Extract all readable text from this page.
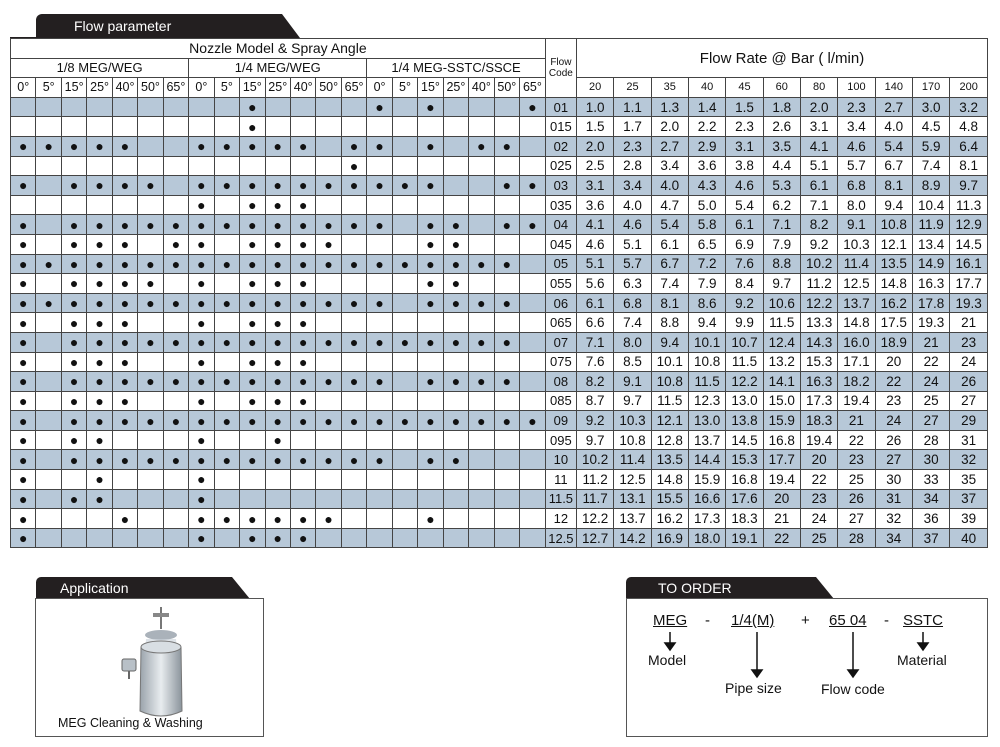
Flow parameter
Nozzle Model & Spray Angle																					Flow Code	Flow Rate @ Bar ( l/min)										
1/8 MEG/WEG							1/4 MEG/WEG							1/4 MEG-SSTC/SSCE																		
0°	5°	15°	25°	40°	50°	65°	0°	5°	15°	25°	40°	50°	65°	0°	5°	15°	25°	40°	50°	65°		20	25	35	40	45	60	80	100	140	170	200
									●					●		●				●	01	1.0	1.1	1.3	1.4	1.5	1.8	2.0	2.3	2.7	3.0	3.2
									●												015	1.5	1.7	2.0	2.2	2.3	2.6	3.1	3.4	4.0	4.5	4.8
●	●	●	●	●			●	●	●	●	●		●	●		●		●	●		02	2.0	2.3	2.7	2.9	3.1	3.5	4.1	4.6	5.4	5.9	6.4
													●								025	2.5	2.8	3.4	3.6	3.8	4.4	5.1	5.7	6.7	7.4	8.1
●		●	●	●	●		●	●	●	●	●	●	●	●	●	●			●	●	03	3.1	3.4	4.0	4.3	4.6	5.3	6.1	6.8	8.1	8.9	9.7
							●		●	●	●										035	3.6	4.0	4.7	5.0	5.4	6.2	7.1	8.0	9.4	10.4	11.3
●		●	●	●	●	●	●	●	●	●	●	●	●	●		●	●		●	●	04	4.1	4.6	5.4	5.8	6.1	7.1	8.2	9.1	10.8	11.9	12.9
●		●	●	●		●	●		●	●	●	●				●	●				045	4.6	5.1	6.1	6.5	6.9	7.9	9.2	10.3	12.1	13.4	14.5
●	●	●	●	●	●	●	●	●	●	●	●	●	●	●	●	●	●	●	●		05	5.1	5.7	6.7	7.2	7.6	8.8	10.2	11.4	13.5	14.9	16.1
●		●	●	●	●		●		●	●	●					●	●				055	5.6	6.3	7.4	7.9	8.4	9.7	11.2	12.5	14.8	16.3	17.7
●	●	●	●	●	●	●	●	●	●	●	●	●	●	●		●	●	●	●		06	6.1	6.8	8.1	8.6	9.2	10.6	12.2	13.7	16.2	17.8	19.3
●		●	●	●			●		●	●	●										065	6.6	7.4	8.8	9.4	9.9	11.5	13.3	14.8	17.5	19.3	21
●		●	●	●	●	●	●	●	●	●	●	●	●	●	●	●	●	●	●		07	7.1	8.0	9.4	10.1	10.7	12.4	14.3	16.0	18.9	21	23
●		●	●	●			●		●	●	●										075	7.6	8.5	10.1	10.8	11.5	13.2	15.3	17.1	20	22	24
●		●	●	●	●	●	●	●	●	●	●	●	●	●		●	●	●	●		08	8.2	9.1	10.8	11.5	12.2	14.1	16.3	18.2	22	24	26
●		●	●	●			●		●	●	●										085	8.7	9.7	11.5	12.3	13.0	15.0	17.3	19.4	23	25	27
●		●	●	●	●	●	●	●	●	●	●	●	●	●	●	●	●	●	●	●	09	9.2	10.3	12.1	13.0	13.8	15.9	18.3	21	24	27	29
●		●	●				●			●											095	9.7	10.8	12.8	13.7	14.5	16.8	19.4	22	26	28	31
●		●	●	●	●	●	●	●	●	●	●	●	●	●		●	●				10	10.2	11.4	13.5	14.4	15.3	17.7	20	23	27	30	32
●			●				●														11	11.2	12.5	14.8	15.9	16.8	19.4	22	25	30	33	35
●		●	●				●														11.5	11.7	13.1	15.5	16.6	17.6	20	23	26	31	34	37
●				●			●	●	●	●	●	●				●					12	12.2	13.7	16.2	17.3	18.3	21	24	27	32	36	39
●							●		●	●	●										12.5	12.7	14.2	16.9	18.0	19.1	22	25	28	34	37	40
Application
MEG Cleaning & Washing
TO ORDER
MEG - 1/4(M) + 65 04 - SSTC
Model
Pipe size	Flow code
Material
